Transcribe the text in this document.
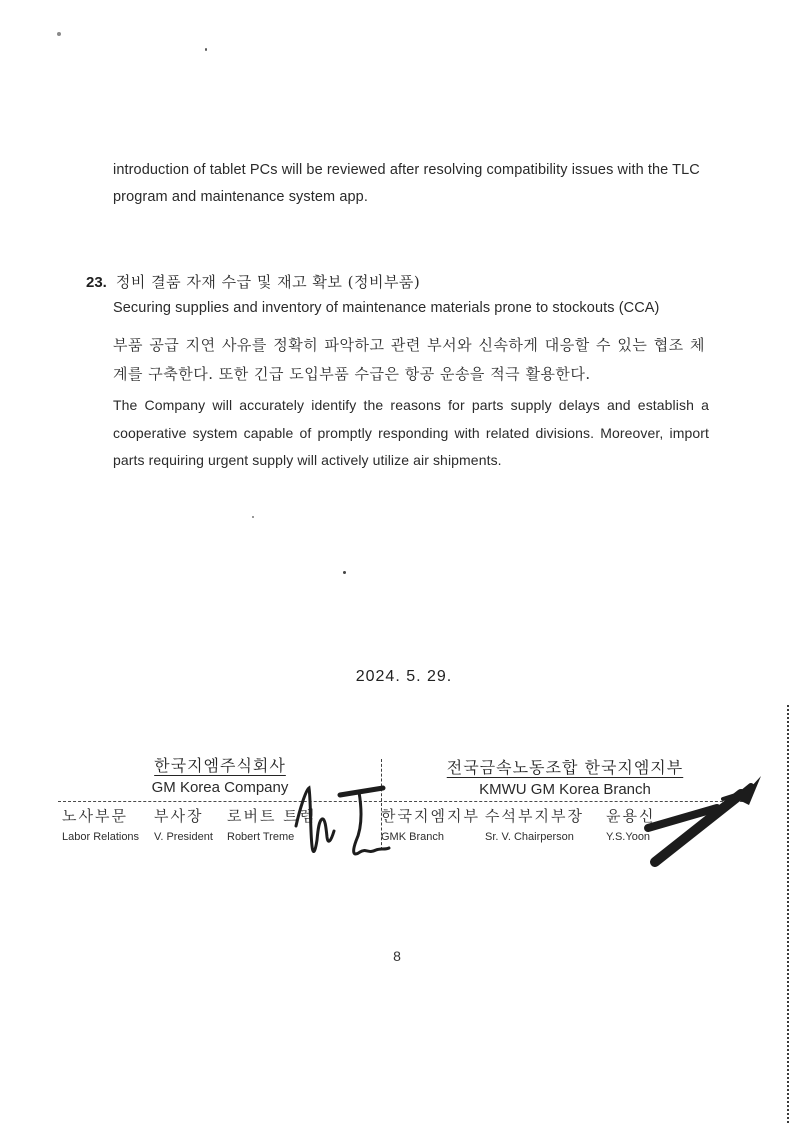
introduction of tablet PCs will be reviewed after resolving compatibility issues with the TLC program and maintenance system app.

23. 정비 결품 자재 수급 및 재고 확보 (정비부품)

Securing supplies and inventory of maintenance materials prone to stockouts (CCA)

부품 공급 지연 사유를 정확히 파악하고 관련 부서와 신속하게 대응할 수 있는 협조 체계를 구축한다. 또한 긴급 도입부품 수급은 항공 운송을 적극 활용한다.

The Company will accurately identify the reasons for parts supply delays and establish a cooperative system capable of promptly responding with related divisions. Moreover, import parts requiring urgent supply will actively utilize air shipments.

2024. 5. 29.
한국지엠주식회사
GM Korea Company
전국금속노동조합 한국지엠지부
KMWU GM Korea Branch
노사부문
Labor Relations
부사장
V. President
로버트 트렘
Robert Treme
한국지엠지부
GMK Branch
수석부지부장
Sr. V. Chairperson
윤용신
Y.S.Yoon
8
